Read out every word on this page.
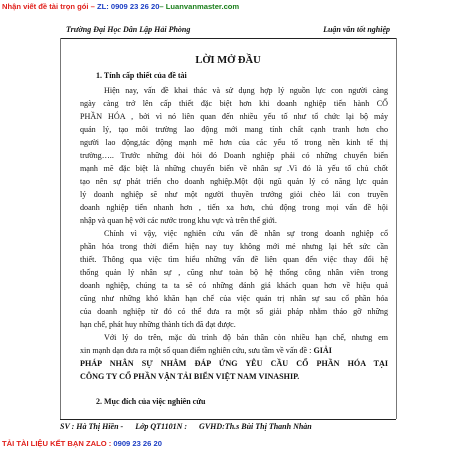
Nhận viết đề tài trọn gói – ZL: 0909 23 26 20– Luanvanmaster.com
Trường Đại Học Dân Lập Hải Phòng	Luận văn tốt nghiệp
LỜI MỞ ĐẦU
1. Tính cấp thiết của đề tài
Hiện nay, vấn đề khai thác và sử dụng hợp lý nguồn lực con người càng
ngày càng trở lên cấp thiết đặc biệt hơn khi doanh nghiệp tiến hành CỔ
PHẦN HÓA , bởi vì nó liên quan đến nhiều yếu tố như tổ chức lại bộ máy
quản lý, tạo môi trường lao động mới mang tính chất cạnh tranh hơn cho
người lao động,tác động mạnh mẽ hơn của các yếu tố trong nền kinh tế thị
trường….. Trước những đòi hỏi đó Doanh nghiệp phải có những chuyển biến
mạnh mẽ đặc biệt là những chuyển biến về nhân sự .Vì đó là yếu tố chủ chốt
tạo nên sự phát triển cho doanh nghiệp.Một đội ngũ quản lý có năng lực quản
lý doanh nghiệp sẽ như một người thuyền trưởng giỏi chèo lái con truyền
doanh nghiệp tiến nhanh hơn , tiến xa hơn, chủ động trong mọi vấn đề hội
nhập và quan hệ với các nước trong khu vực và trên thế giới.
Chính vì vậy, việc nghiên cứu vấn đề nhân sự trong doanh nghiệp cổ
phần hóa trong thời điểm hiện nay tuy không mới mẻ nhưng lại hết sức cần
thiết. Thông qua việc tìm hiểu những vấn đề liên quan đến việc thay đổi hệ
thống quản lý nhân sự , cũng như toàn bộ hệ thống công nhân viên trong
doanh nghiệp, chúng ta ta sẽ có những đánh giá khách quan hơn về hiệu quả
cũng như những khó khăn hạn chế của việc quản trị nhân sự sau cổ phần hóa
của doanh nghiệp từ đó có thể đưa ra một số giải pháp nhằm tháo gỡ những
hạn chế, phát huy những thành tích đã đạt được.
Với lý do trên, mặc dù trình độ bản thân còn nhiều hạn chế, nhưng em
xin mạnh dạn đưa ra một số quan điểm nghiên cứu, sưu tầm về vấn đề : GIẢI
PHÁP NHÂN SỰ NHẰM ĐÁP ỨNG YÊU CẦU CỔ PHẦN HÓA TẠI
CÔNG TY CỔ PHẦN VẬN TẢI BIỂN VIỆT NAM VINASHIP.
2. Mục đích của việc nghiên cứu
SV : Hà Thị Hiền - Lớp QT1101N : GVHD:Th.s Bùi Thị Thanh Nhàn
TẢI TÀI LIỆU KẾT BẠN ZALO : 0909 23 26 20
